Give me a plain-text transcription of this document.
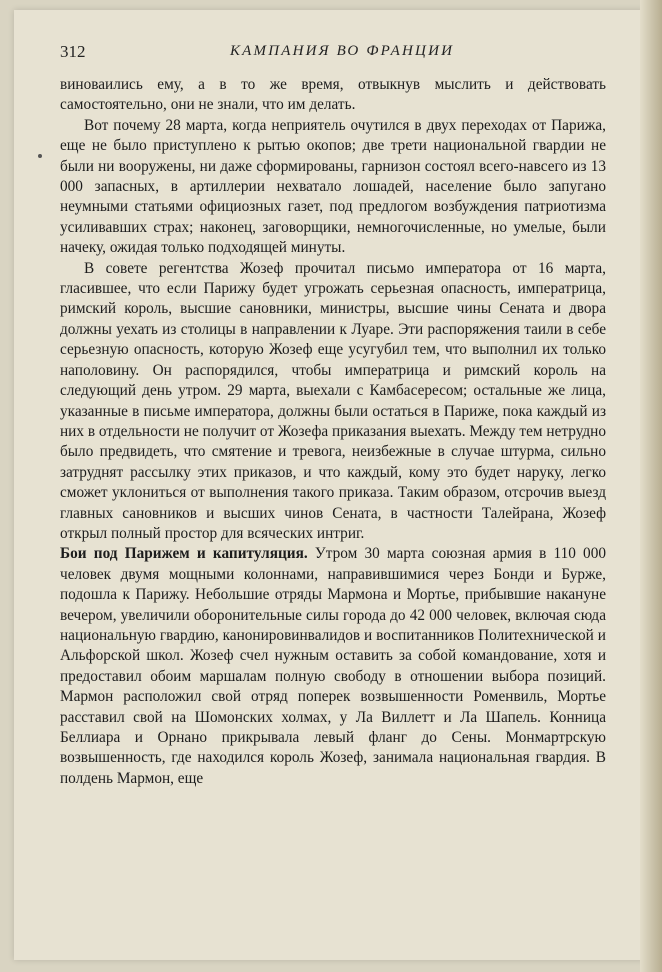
312	КАМПАНИЯ ВО ФРАНЦИИ

виноваились ему, а в то же время, отвыкнув мыслить и действовать самостоятельно, они не знали, что им делать.

Вот почему 28 марта, когда неприятель очутился в двух переходах от Парижа, еще не было приступлено к рытью окопов; две трети национальной гвардии не были ни вооружены, ни даже сформированы, гарнизон состоял всего-навсего из 13 000 запасных, в артиллерии нехватало лошадей, население было запугано неумными статьями официозных газет, под предлогом возбуждения патриотизма усиливавших страх; наконец, заговорщики, немногочисленные, но умелые, были начеку, ожидая только подходящей минуты.

В совете регентства Жозеф прочитал письмо императора от 16 марта, гласившее, что если Парижу будет угрожать серьезная опасность, императрица, римский король, высшие сановники, министры, высшие чины Сената и двора должны уехать из столицы в направлении к Луаре. Эти распоряжения таили в себе серьезную опасность, которую Жозеф еще усугубил тем, что выполнил их только наполовину. Он распорядился, чтобы императрица и римский король на следующий день утром. 29 марта, выехали с Камбасересом; остальные же лица, указанные в письме императора, должны были остаться в Париже, пока каждый из них в отдельности не получит от Жозефа приказания выехать. Между тем нетрудно было предвидеть, что смятение и тревога, неизбежные в случае штурма, сильно затруднят рассылку этих приказов, и что каждый, кому это будет наруку, легко сможет уклониться от выполнения такого приказа. Таким образом, отсрочив выезд главных сановников и высших чинов Сената, в частности Талейрана, Жозеф открыл полный простор для всяческих интриг.

Бои под Парижем и капитуляция. Утром 30 марта союзная армия в 110 000 человек двумя мощными колоннами, направившимися через Бонди и Бурже, подошла к Парижу. Небольшие отряды Мармона и Мортье, прибывшие накануне вечером, увеличили оборонительные силы города до 42 000 человек, включая сюда национальную гвардию, канонировинвалидов и воспитанников Политехнической и Альфорской школ. Жозеф счел нужным оставить за собой командование, хотя и предоставил обоим маршалам полную свободу в отношении выбора позиций. Мармон расположил свой отряд поперек возвышенности Роменвиль, Мортье расставил свой на Шомонских холмах, у Ла Виллетт и Ла Шапель. Конница Беллиара и Орнано прикрывала левый фланг до Сены. Монмартрскую возвышенность, где находился король Жозеф, занимала национальная гвардия. В полдень Мармон, еще
